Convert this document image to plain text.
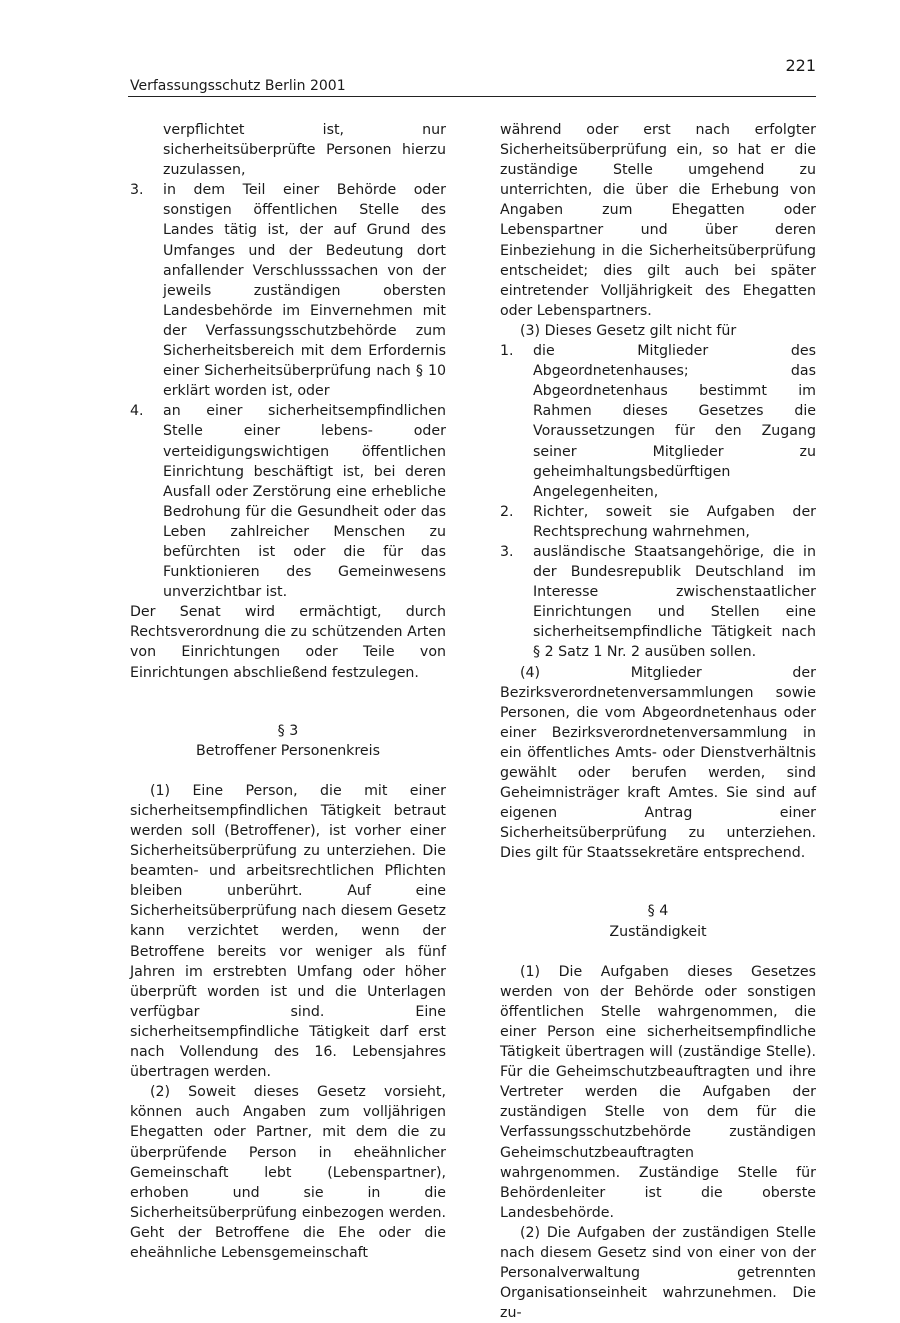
221
Verfassungsschutz Berlin 2001

verpflichtet ist, nur sicherheitsüberprüfte Personen hierzu zuzulassen,

3.	in dem Teil einer Behörde oder sonstigen öffentlichen Stelle des Landes tätig ist, der auf Grund des Umfanges und der Bedeutung dort anfallender Verschlusssachen von der jeweils zuständigen obersten Landesbehörde im Einvernehmen mit der Verfassungsschutzbehörde zum Sicherheitsbereich mit dem Erfordernis einer Sicherheitsüberprüfung nach § 10 erklärt worden ist, oder
4.	an einer sicherheitsempfindlichen Stelle einer lebens- oder verteidigungswichtigen öffentlichen Einrichtung beschäftigt ist, bei deren Ausfall oder Zerstörung eine erhebliche Bedrohung für die Gesundheit oder das Leben zahlreicher Menschen zu befürchten ist oder die für das Funktionieren des Gemeinwesens unverzichtbar ist.

Der Senat wird ermächtigt, durch Rechtsverordnung die zu schützenden Arten von Einrichtungen oder Teile von Einrichtungen abschließend festzulegen.

§ 3

Betroffener Personenkreis

(1) Eine Person, die mit einer sicherheitsempfindlichen Tätigkeit betraut werden soll (Betroffener), ist vorher einer Sicherheitsüberprüfung zu unterziehen. Die beamten- und arbeitsrechtlichen Pflichten bleiben unberührt. Auf eine Sicherheitsüberprüfung nach diesem Gesetz kann verzichtet werden, wenn der Betroffene bereits vor weniger als fünf Jahren im erstrebten Umfang oder höher überprüft worden ist und die Unterlagen verfügbar sind. Eine sicherheitsempfindliche Tätigkeit darf erst nach Vollendung des 16. Lebensjahres übertragen werden.

(2) Soweit dieses Gesetz vorsieht, können auch Angaben zum volljährigen Ehegatten oder Partner, mit dem die zu überprüfende Person in eheähnlicher Gemeinschaft lebt (Lebenspartner), erhoben und sie in die Sicherheitsüberprüfung einbezogen werden. Geht der Betroffene die Ehe oder die eheähnliche Lebensgemeinschaft

während oder erst nach erfolgter Sicherheitsüberprüfung ein, so hat er die zuständige Stelle umgehend zu unterrichten, die über die Erhebung von Angaben zum Ehegatten oder Lebenspartner und über deren Einbeziehung in die Sicherheitsüberprüfung entscheidet; dies gilt auch bei später eintretender Volljährigkeit des Ehegatten oder Lebenspartners.

(3) Dieses Gesetz gilt nicht für

1.	die Mitglieder des Abgeordnetenhauses; das Abgeordnetenhaus bestimmt im Rahmen dieses Gesetzes die Voraussetzungen für den Zugang seiner Mitglieder zu geheimhaltungsbedürftigen Angelegenheiten,
2.	Richter, soweit sie Aufgaben der Rechtsprechung wahrnehmen,
3.	ausländische Staatsangehörige, die in der Bundesrepublik Deutschland im Interesse zwischenstaatlicher Einrichtungen und Stellen eine sicherheitsempfindliche Tätigkeit nach § 2 Satz 1 Nr. 2 ausüben sollen.

(4) Mitglieder der Bezirksverordnetenversammlungen sowie Personen, die vom Abgeordnetenhaus oder einer Bezirksverordnetenversammlung in ein öffentliches Amts- oder Dienstverhältnis gewählt oder berufen werden, sind Geheimnisträger kraft Amtes. Sie sind auf eigenen Antrag einer Sicherheitsüberprüfung zu unterziehen. Dies gilt für Staatssekretäre entsprechend.

§ 4

Zuständigkeit

(1) Die Aufgaben dieses Gesetzes werden von der Behörde oder sonstigen öffentlichen Stelle wahrgenommen, die einer Person eine sicherheitsempfindliche Tätigkeit übertragen will (zuständige Stelle). Für die Geheimschutzbeauftragten und ihre Vertreter werden die Aufgaben der zuständigen Stelle von dem für die Verfassungsschutzbehörde zuständigen Geheimschutzbeauftragten wahrgenommen. Zuständige Stelle für Behördenleiter ist die oberste Landesbehörde.

(2) Die Aufgaben der zuständigen Stelle nach diesem Gesetz sind von einer von der Personalverwaltung getrennten Organisationseinheit wahrzunehmen. Die zu-
